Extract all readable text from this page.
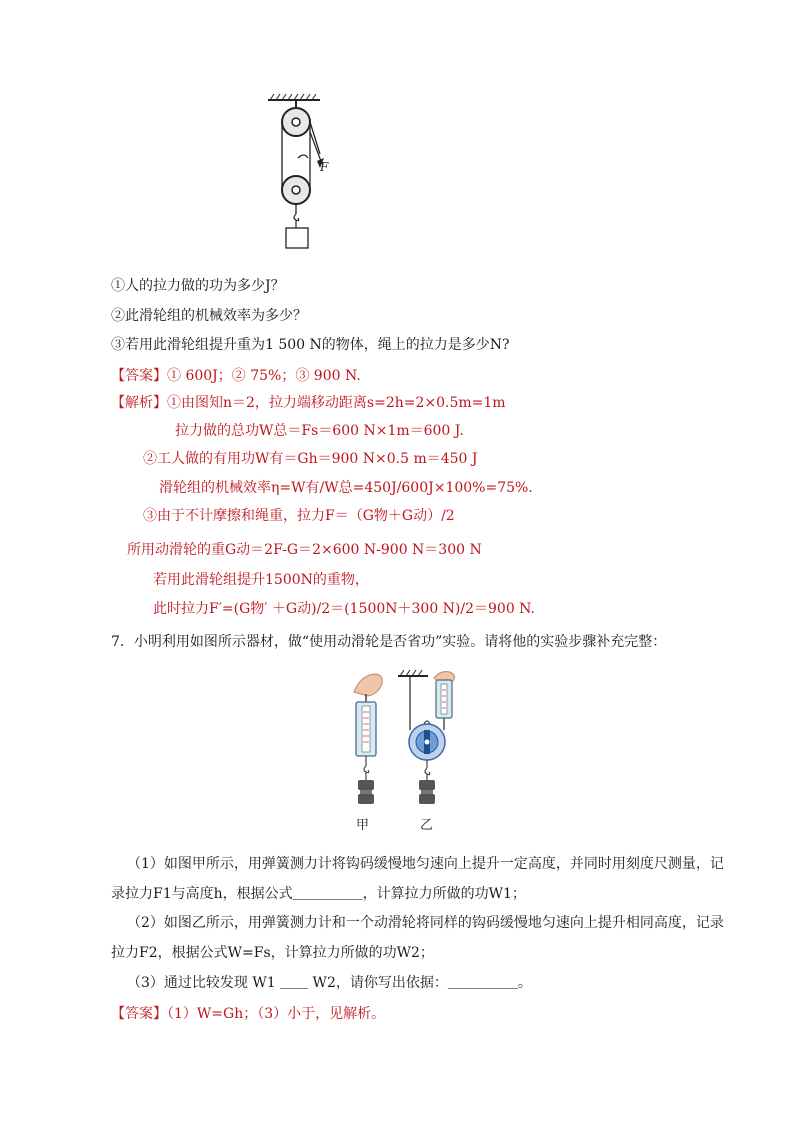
F
①人的拉力做的功为多少J？
②此滑轮组的机械效率为多少？
③若用此滑轮组提升重为1 500 N的物体，绳上的拉力是多少N?
【答案】① 600J；② 75%；③ 900 N.
【解析】①由图知n＝2，拉力端移动距离s=2h=2×0.5m=1m
拉力做的总功W总＝Fs＝600 N×1m＝600 J.
②工人做的有用功W有＝Gh＝900 N×0.5 m＝450 J
滑轮组的机械效率η=W有/W总=450J/600J×100%=75%.
③由于不计摩擦和绳重，拉力F＝（G物＋G动）/2
所用动滑轮的重G动＝2F-G＝2×600 N-900 N＝300 N
若用此滑轮组提升1500N的重物，
此时拉力F′=(G物′ ＋G动)/2＝(1500N＋300 N)/2＝900 N.
7．小明利用如图所示器材，做“使用动滑轮是否省功”实验。请将他的实验步骤补充完整：
甲	乙
（1）如图甲所示，用弹簧测力计将钩码缓慢地匀速向上提升一定高度，并同时用刻度尺测量，记
录拉力F1与高度h，根据公式＿＿＿＿＿，计算拉力所做的功W1；
（2）如图乙所示，用弹簧测力计和一个动滑轮将同样的钩码缓慢地匀速向上提升相同高度，记录
拉力F2，根据公式W=Fs，计算拉力所做的功W2；
（3）通过比较发现 W1 ＿＿ W2，请你写出依据：＿＿＿＿＿。
【答案】（1）W=Gh；（3）小于，见解析。
